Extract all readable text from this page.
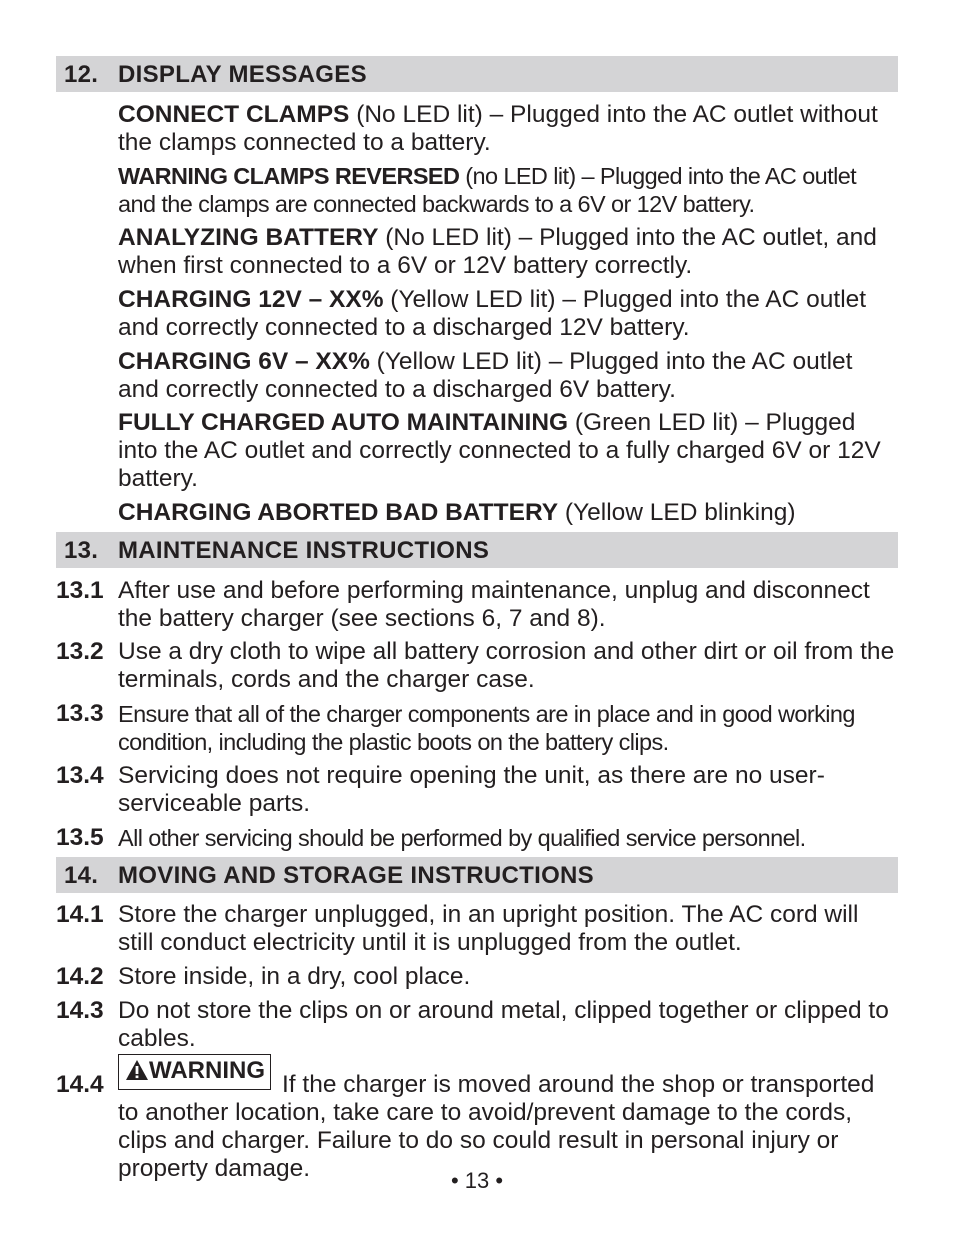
12. DISPLAY MESSAGES
CONNECT CLAMPS (No LED lit) – Plugged into the AC outlet without the clamps connected to a battery.
WARNING CLAMPS REVERSED (no LED lit) – Plugged into the AC outlet and the clamps are connected backwards to a 6V or 12V battery.
ANALYZING BATTERY (No LED lit) – Plugged into the AC outlet, and when first connected to a 6V or 12V battery correctly.
CHARGING 12V – XX% (Yellow LED lit) – Plugged into the AC outlet and correctly connected to a discharged 12V battery.
CHARGING 6V – XX% (Yellow LED lit) – Plugged into the AC outlet and correctly connected to a discharged 6V battery.
FULLY CHARGED AUTO MAINTAINING (Green LED lit) – Plugged into the AC outlet and correctly connected to a fully charged 6V or 12V battery.
CHARGING ABORTED BAD BATTERY (Yellow LED blinking)
13. MAINTENANCE INSTRUCTIONS
13.1 After use and before performing maintenance, unplug and disconnect the battery charger (see sections 6, 7 and 8).
13.2 Use a dry cloth to wipe all battery corrosion and other dirt or oil from the terminals, cords and the charger case.
13.3 Ensure that all of the charger components are in place and in good working condition, including the plastic boots on the battery clips.
13.4 Servicing does not require opening the unit, as there are no user-serviceable parts.
13.5 All other servicing should be performed by qualified service personnel.
14. MOVING AND STORAGE INSTRUCTIONS
14.1 Store the charger unplugged, in an upright position. The AC cord will still conduct electricity until it is unplugged from the outlet.
14.2 Store inside, in a dry, cool place.
14.3 Do not store the clips on or around metal, clipped together or clipped to cables.
14.4
WARNING
If the charger is moved around the shop or transported to another location, take care to avoid/prevent damage to the cords, clips and charger. Failure to do so could result in personal injury or property damage.	• 13 •
